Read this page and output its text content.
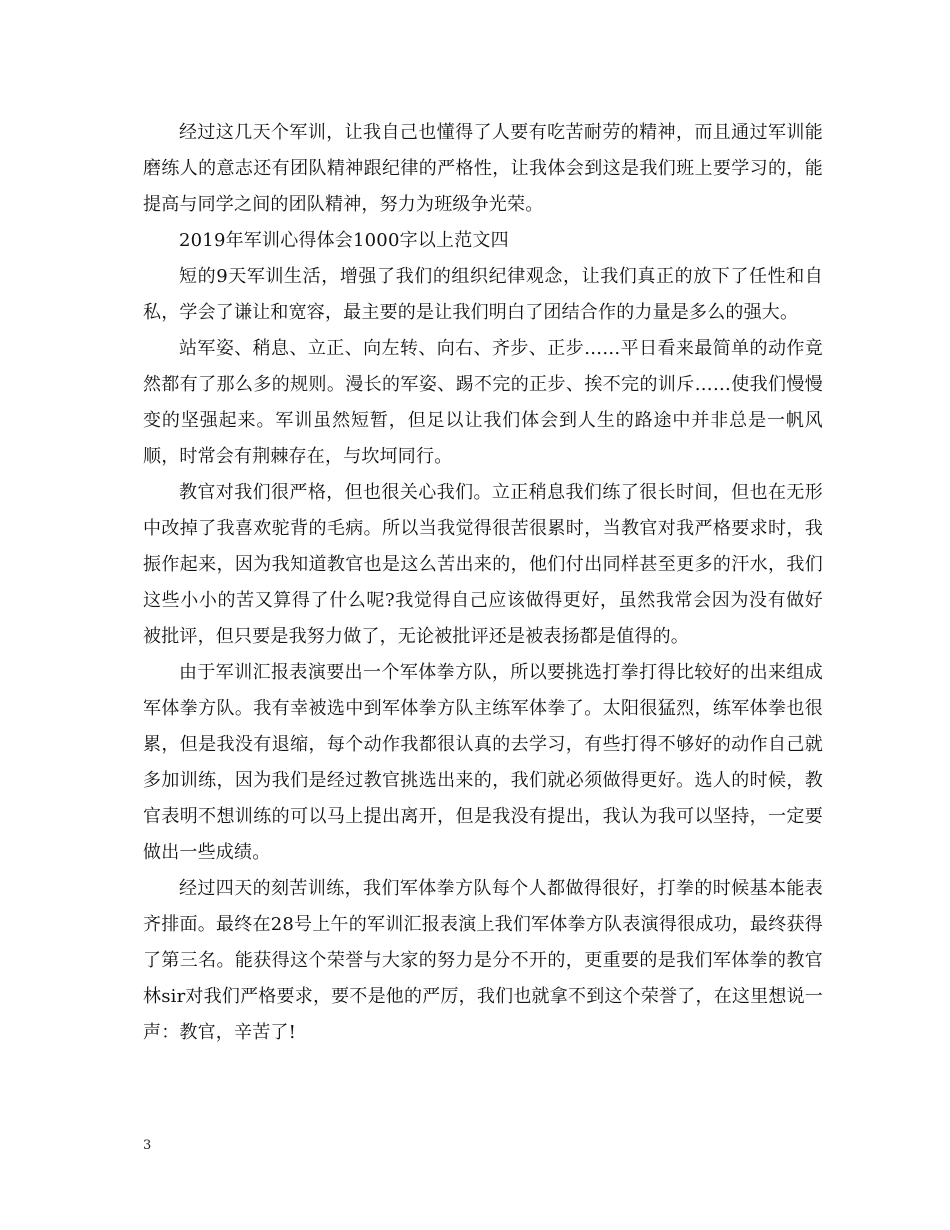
经过这几天个军训，让我自己也懂得了人要有吃苦耐劳的精神，而且通过军训能磨练人的意志还有团队精神跟纪律的严格性，让我体会到这是我们班上要学习的，能提高与同学之间的团队精神，努力为班级争光荣。

2019年军训心得体会1000字以上范文四

短的9天军训生活，增强了我们的组织纪律观念，让我们真正的放下了任性和自私，学会了谦让和宽容，最主要的是让我们明白了团结合作的力量是多么的强大。

站军姿、稍息、立正、向左转、向右、齐步、正步……平日看来最简单的动作竟然都有了那么多的规则。漫长的军姿、踢不完的正步、挨不完的训斥……使我们慢慢变的坚强起来。军训虽然短暂，但足以让我们体会到人生的路途中并非总是一帆风顺，时常会有荆棘存在，与坎坷同行。

教官对我们很严格，但也很关心我们。立正稍息我们练了很长时间，但也在无形中改掉了我喜欢驼背的毛病。所以当我觉得很苦很累时，当教官对我严格要求时，我振作起来，因为我知道教官也是这么苦出来的，他们付出同样甚至更多的汗水，我们这些小小的苦又算得了什么呢?我觉得自己应该做得更好，虽然我常会因为没有做好被批评，但只要是我努力做了，无论被批评还是被表扬都是值得的。

由于军训汇报表演要出一个军体拳方队，所以要挑选打拳打得比较好的出来组成军体拳方队。我有幸被选中到军体拳方队主练军体拳了。太阳很猛烈，练军体拳也很累，但是我没有退缩，每个动作我都很认真的去学习，有些打得不够好的动作自己就多加训练，因为我们是经过教官挑选出来的，我们就必须做得更好。选人的时候，教官表明不想训练的可以马上提出离开，但是我没有提出，我认为我可以坚持，一定要做出一些成绩。

经过四天的刻苦训练，我们军体拳方队每个人都做得很好，打拳的时候基本能表齐排面。最终在28号上午的军训汇报表演上我们军体拳方队表演得很成功，最终获得了第三名。能获得这个荣誉与大家的努力是分不开的，更重要的是我们军体拳的教官林sir对我们严格要求，要不是他的严厉，我们也就拿不到这个荣誉了，在这里想说一声：教官，辛苦了!

3
